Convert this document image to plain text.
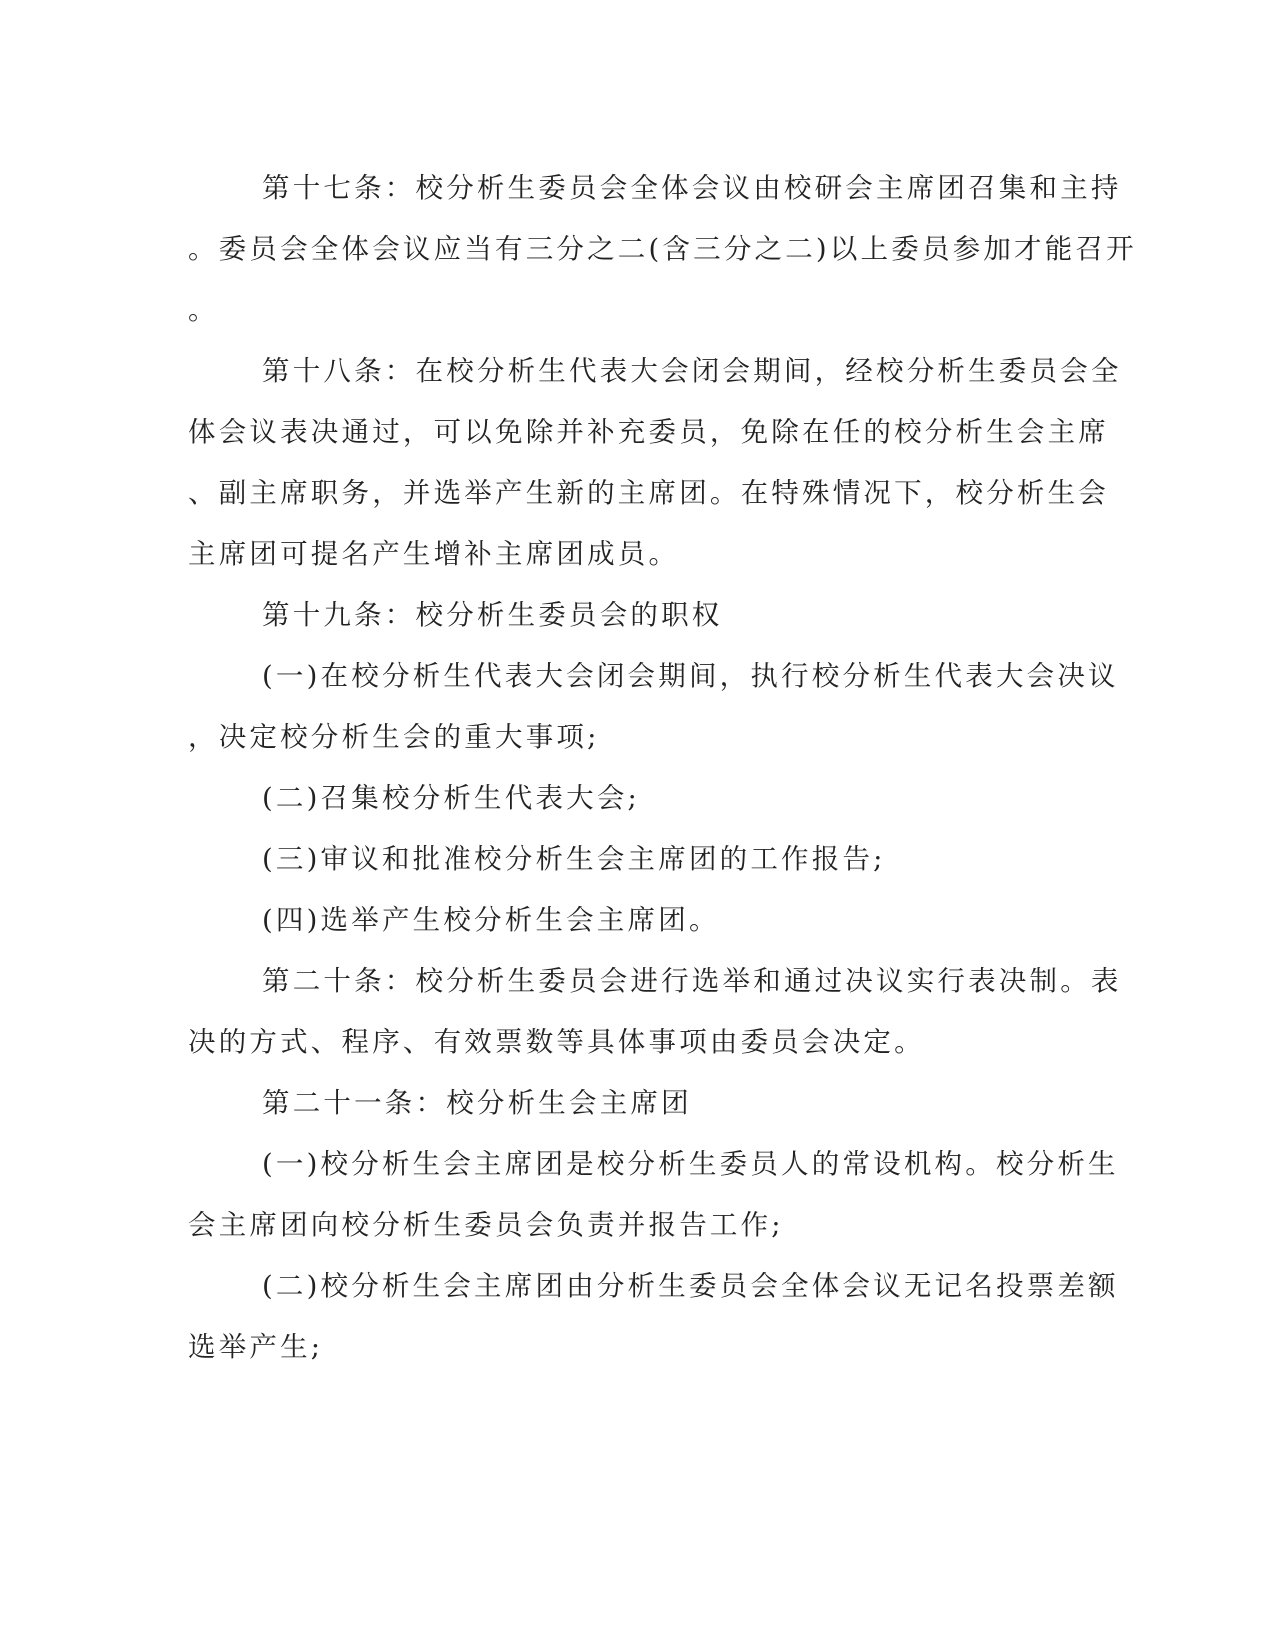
第十七条：校分析生委员会全体会议由校研会主席团召集和主持
。委员会全体会议应当有三分之二(含三分之二)以上委员参加才能召开
。
第十八条：在校分析生代表大会闭会期间，经校分析生委员会全
体会议表决通过，可以免除并补充委员，免除在任的校分析生会主席
、副主席职务，并选举产生新的主席团。在特殊情况下，校分析生会
主席团可提名产生增补主席团成员。
第十九条：校分析生委员会的职权
(一)在校分析生代表大会闭会期间，执行校分析生代表大会决议
，决定校分析生会的重大事项;
(二)召集校分析生代表大会;
(三)审议和批准校分析生会主席团的工作报告;
(四)选举产生校分析生会主席团。
第二十条：校分析生委员会进行选举和通过决议实行表决制。表
决的方式、程序、有效票数等具体事项由委员会决定。
第二十一条：校分析生会主席团
(一)校分析生会主席团是校分析生委员人的常设机构。校分析生
会主席团向校分析生委员会负责并报告工作;
(二)校分析生会主席团由分析生委员会全体会议无记名投票差额
选举产生;
